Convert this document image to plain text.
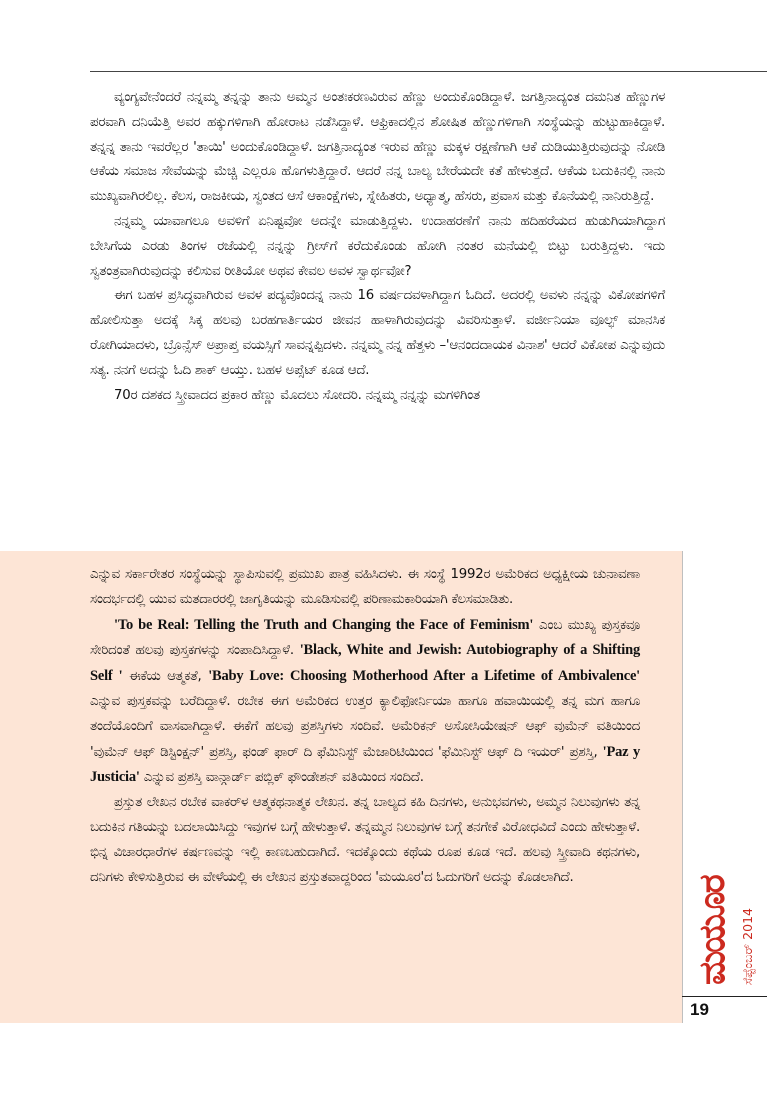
ವ್ಯಂಗ್ಯವೇನೆಂದರೆ ನನ್ನಮ್ಮ ತನ್ನನ್ನು ತಾನು ಅಮ್ಮನ ಅಂತಃಕರಣವಿರುವ ಹೆಣ್ಣು ಅಂದುಕೊಂಡಿದ್ದಾಳೆ. ಜಗತ್ತಿನಾದ್ಯಂತ ದಮನಿತ ಹೆಣ್ಣುಗಳ ಪರವಾಗಿ ದನಿಯೆತ್ತಿ ಅವರ ಹಕ್ಕುಗಳಿಗಾಗಿ ಹೋರಾಟ ನಡೆಸಿದ್ದಾಳೆ. ಆಫ್ರಿಕಾದಲ್ಲಿನ ಶೋಷಿತ ಹೆಣ್ಣುಗಳಿಗಾಗಿ ಸಂಸ್ಥೆಯನ್ನು ಹುಟ್ಟುಹಾಕಿದ್ದಾಳೆ. ತನ್ನನ್ನ ತಾನು ಇವರೆಲ್ಲರ 'ತಾಯಿ' ಅಂದುಕೊಂಡಿದ್ದಾಳೆ. ಜಗತ್ತಿನಾದ್ಯಂತ ಇರುವ ಹೆಣ್ಣು ಮಕ್ಕಳ ರಕ್ಷಣೆಗಾಗಿ ಆಕೆ ದುಡಿಯುತ್ತಿರುವುದನ್ನು ನೋಡಿ ಆಕೆಯ ಸಮಾಜ ಸೇವೆಯನ್ನು ಮೆಚ್ಚಿ ಎಲ್ಲರೂ ಹೊಗಳುತ್ತಿದ್ದಾರೆ. ಆದರೆ ನನ್ನ ಬಾಲ್ಯ ಬೇರೆಯದೇ ಕತೆ ಹೇಳುತ್ತದೆ. ಆಕೆಯ ಬದುಕಿನಲ್ಲಿ ನಾನು ಮುಖ್ಯವಾಗಿರಲಿಲ್ಲ. ಕೆಲಸ, ರಾಜಕೀಯ, ಸ್ವಂತದ ಆಸೆ ಆಕಾಂಕ್ಷೆಗಳು, ಸ್ನೇಹಿತರು, ಅಧ್ಯಾತ್ಮ, ಹೆಸರು, ಪ್ರವಾಸ ಮತ್ತು ಕೊನೆಯಲ್ಲಿ ನಾನಿರುತ್ತಿದ್ದೆ.

ನನ್ನಮ್ಮ ಯಾವಾಗಲೂ ಅವಳಿಗೆ ಏನಿಷ್ಟವೋ ಅದನ್ನೇ ಮಾಡುತ್ತಿದ್ದಳು. ಉದಾಹರಣೆಗೆ ನಾನು ಹದಿಹರೆಯದ ಹುಡುಗಿಯಾಗಿದ್ದಾಗ ಬೇಸಿಗೆಯ ಎರಡು ತಿಂಗಳ ರಜೆಯಲ್ಲಿ ನನ್ನನ್ನು ಗ್ರೀಸ್‌ಗೆ ಕರೆದುಕೊಂಡು ಹೋಗಿ ನಂತರ ಮನೆಯಲ್ಲಿ ಬಿಟ್ಟು ಬರುತ್ತಿದ್ದಳು. ಇದು ಸ್ವತಂತ್ರವಾಗಿರುವುದನ್ನು ಕಲಿಸುವ ರೀತಿಯೋ ಅಥವ ಕೇವಲ ಅವಳ ಸ್ವಾರ್ಥವೋ?

ಈಗ ಬಹಳ ಪ್ರಸಿದ್ಧವಾಗಿರುವ ಅವಳ ಪದ್ಯವೊಂದನ್ನ ನಾನು 16 ವರ್ಷದವಳಾಗಿದ್ದಾಗ ಓದಿದೆ. ಅದರಲ್ಲಿ ಅವಳು ನನ್ನನ್ನು ವಿಕೋಪಗಳಿಗೆ ಹೋಲಿಸುತ್ತಾ ಅದಕ್ಕೆ ಸಿಕ್ಕ ಹಲವು ಬರಹಗಾರ್ತಿಯರ ಜೀವನ ಹಾಳಾಗಿರುವುದನ್ನು ವಿವರಿಸುತ್ತಾಳೆ. ವರ್ಜೀನಿಯಾ ವೂಲ್ಫ್ ಮಾನಸಿಕ ರೋಗಿಯಾದಳು, ಬ್ರೊನ್ಸೆಸ್ ಅಪ್ರಾಪ್ತ ವಯಸ್ಸಿಗೆ ಸಾವನ್ನಪ್ಪಿದಳು. ನನ್ನಮ್ಮ ನನ್ನ ಹೆತ್ತಳು –'ಆನಂದದಾಯಕ ವಿನಾಶ' ಆದರೆ ವಿಕೋಪ ಎನ್ನುವುದು ಸತ್ಯ. ನನಗೆ ಅದನ್ನು ಓದಿ ಶಾಕ್ ಆಯ್ತು. ಬಹಳ ಅಪ್ಸೆಟ್ ಕೂಡ ಆದೆ.

70ರ ದಶಕದ ಸ್ತ್ರೀವಾದದ ಪ್ರಕಾರ ಹೆಣ್ಣು ಮೊದಲು ಸೋದರಿ. ನನ್ನಮ್ಮ ನನ್ನನ್ನು ಮಗಳಿಗಿಂತ

ಎನ್ನುವ ಸರ್ಕಾರೇತರ ಸಂಸ್ಥೆಯನ್ನು ಸ್ಥಾಪಿಸುವಲ್ಲಿ ಪ್ರಮುಖ ಪಾತ್ರ ವಹಿಸಿದಳು. ಈ ಸಂಸ್ಥೆ 1992ರ ಅಮೆರಿಕದ ಅಧ್ಯಕ್ಷೀಯ ಚುನಾವಣಾ ಸಂದರ್ಭದಲ್ಲಿ ಯುವ ಮತದಾರರಲ್ಲಿ ಜಾಗೃತಿಯನ್ನು ಮೂಡಿಸುವಲ್ಲಿ ಪರಿಣಾಮಕಾರಿಯಾಗಿ ಕೆಲಸಮಾಡಿತು.

'To be Real: Telling the Truth and Changing the Face of Feminism' ಎಂಬ ಮುಖ್ಯ ಪುಸ್ತಕವೂ ಸೇರಿದಂತೆ ಹಲವು ಪುಸ್ತಕಗಳನ್ನು ಸಂಪಾದಿಸಿದ್ದಾಳೆ. 'Black, White and Jewish: Autobiography of a Shifting Self ' ಈಕೆಯ ಆತ್ಮಕತೆ, 'Baby Love: Choosing Motherhood After a Lifetime of Ambivalence' ಎನ್ನುವ ಪುಸ್ತಕವನ್ನು ಬರೆದಿದ್ದಾಳೆ. ರಬೇಕ ಈಗ ಅಮೆರಿಕದ ಉತ್ತರ ಕ್ಯಾಲಿಫೋರ್ನಿಯಾ ಹಾಗೂ ಹವಾಯಿಯಲ್ಲಿ ತನ್ನ ಮಗ ಹಾಗೂ ತಂದೆಯೊಂದಿಗೆ ವಾಸವಾಗಿದ್ದಾಳೆ. ಈಕೆಗೆ ಹಲವು ಪ್ರಶಸ್ತಿಗಳು ಸಂದಿವೆ. ಅಮೆರಿಕನ್ ಅಸೋಸಿಯೇಷನ್ ಆಫ್ ವುಮೆನ್ ವತಿಯಿಂದ 'ವುಮೆನ್ ಆಫ್ ಡಿಸ್ಟಿಂಕ್ಷನ್' ಪ್ರಶಸ್ತಿ, ಫಂಡ್ ಫಾರ್ ದಿ ಫೆಮಿನಿಸ್ಟ್ ಮೆಜಾರಿಟಿಯಿಂದ 'ಫೆಮಿನಿಸ್ಟ್ ಆಫ್ ದಿ ಇಯರ್' ಪ್ರಶಸ್ತಿ, 'Paz y Justicia' ಎನ್ನುವ ಪ್ರಶಸ್ತಿ ವಾನ್ಗಾರ್ಡ್ ಪಬ್ಲಿಕ್ ಫೌಂಡೇಶನ್ ವತಿಯಿಂದ ಸಂದಿದೆ.

ಪ್ರಸ್ತುತ ಲೇಖನ ರಬೇಕ ವಾಕರ್‌ಳ ಆತ್ಮಕಥನಾತ್ಮಕ ಲೇಖನ. ತನ್ನ ಬಾಲ್ಯದ ಕಹಿ ದಿನಗಳು, ಅನುಭವಗಳು, ಅಮ್ಮನ ನಿಲುವುಗಳು ತನ್ನ ಬದುಕಿನ ಗತಿಯನ್ನು ಬದಲಾಯಿಸಿದ್ದು ಇವುಗಳ ಬಗ್ಗೆ ಹೇಳುತ್ತಾಳೆ. ತನ್ನಮ್ಮನ ನಿಲುವುಗಳ ಬಗ್ಗೆ ತನಗೇಕೆ ವಿರೋಧವಿದೆ ಎಂದು ಹೇಳುತ್ತಾಳೆ. ಭಿನ್ನ ವಿಚಾರಧಾರೆಗಳ ಕರ್ಷಣವನ್ನು ಇಲ್ಲಿ ಕಾಣಬಹುದಾಗಿದೆ. ಇದಕ್ಕೊಂದು ಕಥೆಯ ರೂಪ ಕೂಡ ಇದೆ. ಹಲವು ಸ್ತ್ರೀವಾದಿ ಕಥನಗಳು, ದನಿಗಳು ಕೇಳಿಸುತ್ತಿರುವ ಈ ವೇಳೆಯಲ್ಲಿ ಈ ಲೇಖನ ಪ್ರಸ್ತುತವಾದ್ದರಿಂದ 'ಮಯೂರ'ದ ಓದುಗರಿಗೆ ಅದನ್ನು ಕೊಡಲಾಗಿದೆ.	ಮಯೂರ ಸೆಪ್ಟೆಂಬರ್ 2014
19
